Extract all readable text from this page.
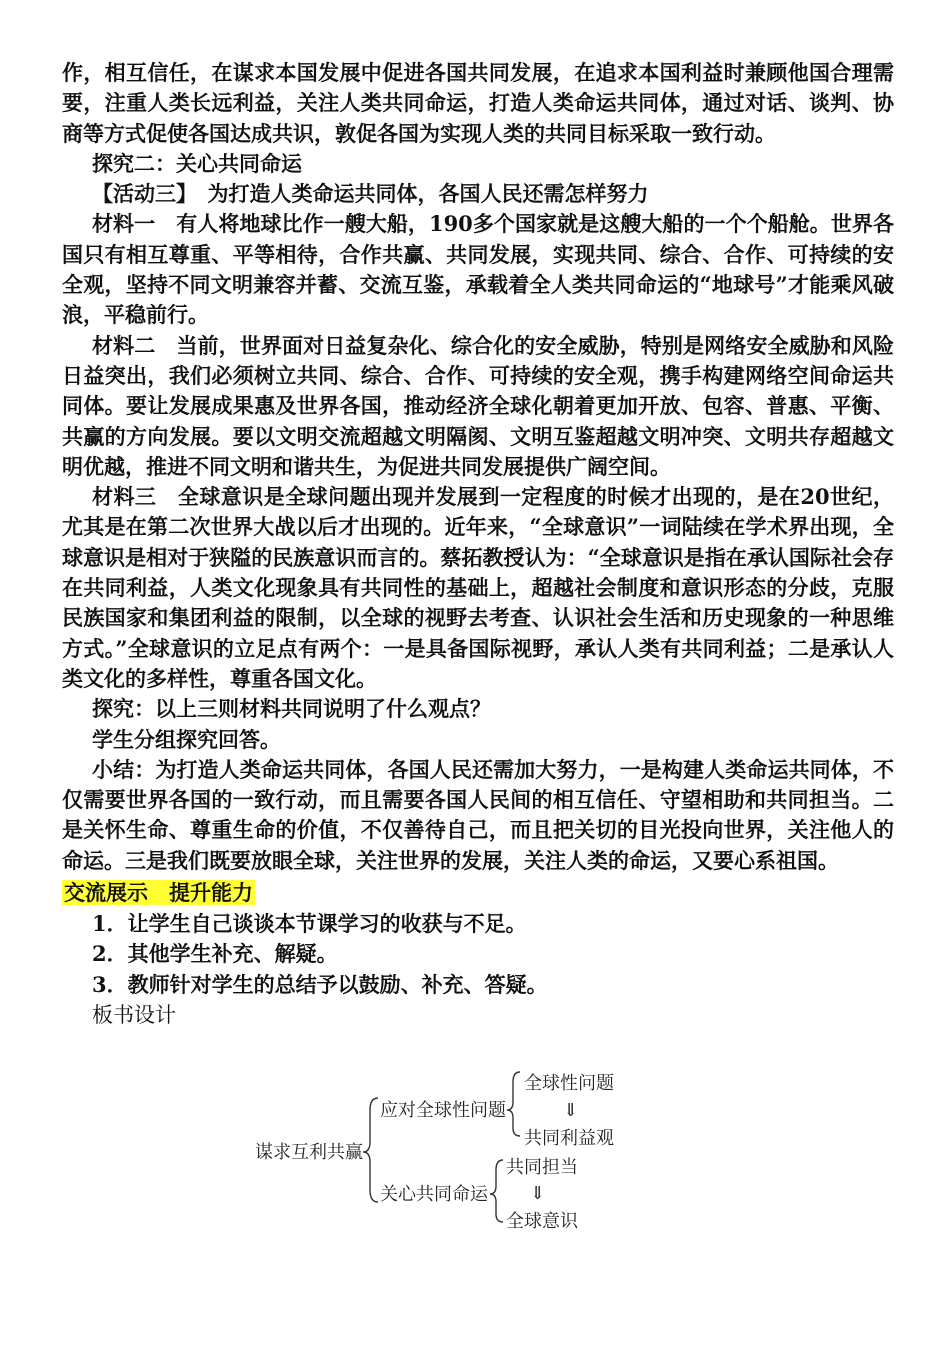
作，相互信任，在谋求本国发展中促进各国共同发展，在追求本国利益时兼顾他国合理需要，注重人类长远利益，关注人类共同命运，打造人类命运共同体，通过对话、谈判、协商等方式促使各国达成共识，敦促各国为实现人类的共同目标采取一致行动。

探究二：关心共同命运

【活动三】　为打造人类命运共同体，各国人民还需怎样努力

材料一　有人将地球比作一艘大船，190多个国家就是这艘大船的一个个船舱。世界各国只有相互尊重、平等相待，合作共赢、共同发展，实现共同、综合、合作、可持续的安全观，坚持不同文明兼容并蓄、交流互鉴，承载着全人类共同命运的“地球号”才能乘风破浪，平稳前行。

材料二　当前，世界面对日益复杂化、综合化的安全威胁，特别是网络安全威胁和风险日益突出，我们必须树立共同、综合、合作、可持续的安全观，携手构建网络空间命运共同体。要让发展成果惠及世界各国，推动经济全球化朝着更加开放、包容、普惠、平衡、共赢的方向发展。要以文明交流超越文明隔阂、文明互鉴超越文明冲突、文明共存超越文明优越，推进不同文明和谐共生，为促进共同发展提供广阔空间。

材料三　全球意识是全球问题出现并发展到一定程度的时候才出现的，是在20世纪，尤其是在第二次世界大战以后才出现的。近年来，“全球意识”一词陆续在学术界出现，全球意识是相对于狭隘的民族意识而言的。蔡拓教授认为：“全球意识是指在承认国际社会存在共同利益，人类文化现象具有共同性的基础上，超越社会制度和意识形态的分歧，克服民族国家和集团利益的限制，以全球的视野去考查、认识社会生活和历史现象的一种思维方式。”全球意识的立足点有两个：一是具备国际视野，承认人类有共同利益；二是承认人类文化的多样性，尊重各国文化。

探究：以上三则材料共同说明了什么观点？

学生分组探究回答。

小结：为打造人类命运共同体，各国人民还需加大努力，一是构建人类命运共同体，不仅需要世界各国的一致行动，而且需要各国人民间的相互信任、守望相助和共同担当。二是关怀生命、尊重生命的价值，不仅善待自己，而且把关切的目光投向世界，关注他人的命运。三是我们既要放眼全球，关注世界的发展，关注人类的命运，又要心系祖国。

交流展示　提升能力

1．让学生自己谈谈本节课学习的收获与不足。

2．其他学生补充、解疑。

3．教师针对学生的总结予以鼓励、补充、答疑。

板书设计

谋求互利共赢
应对全球性问题
全球性问题
⇓
共同利益观
关心共同命运
共同担当
⇓
全球意识
